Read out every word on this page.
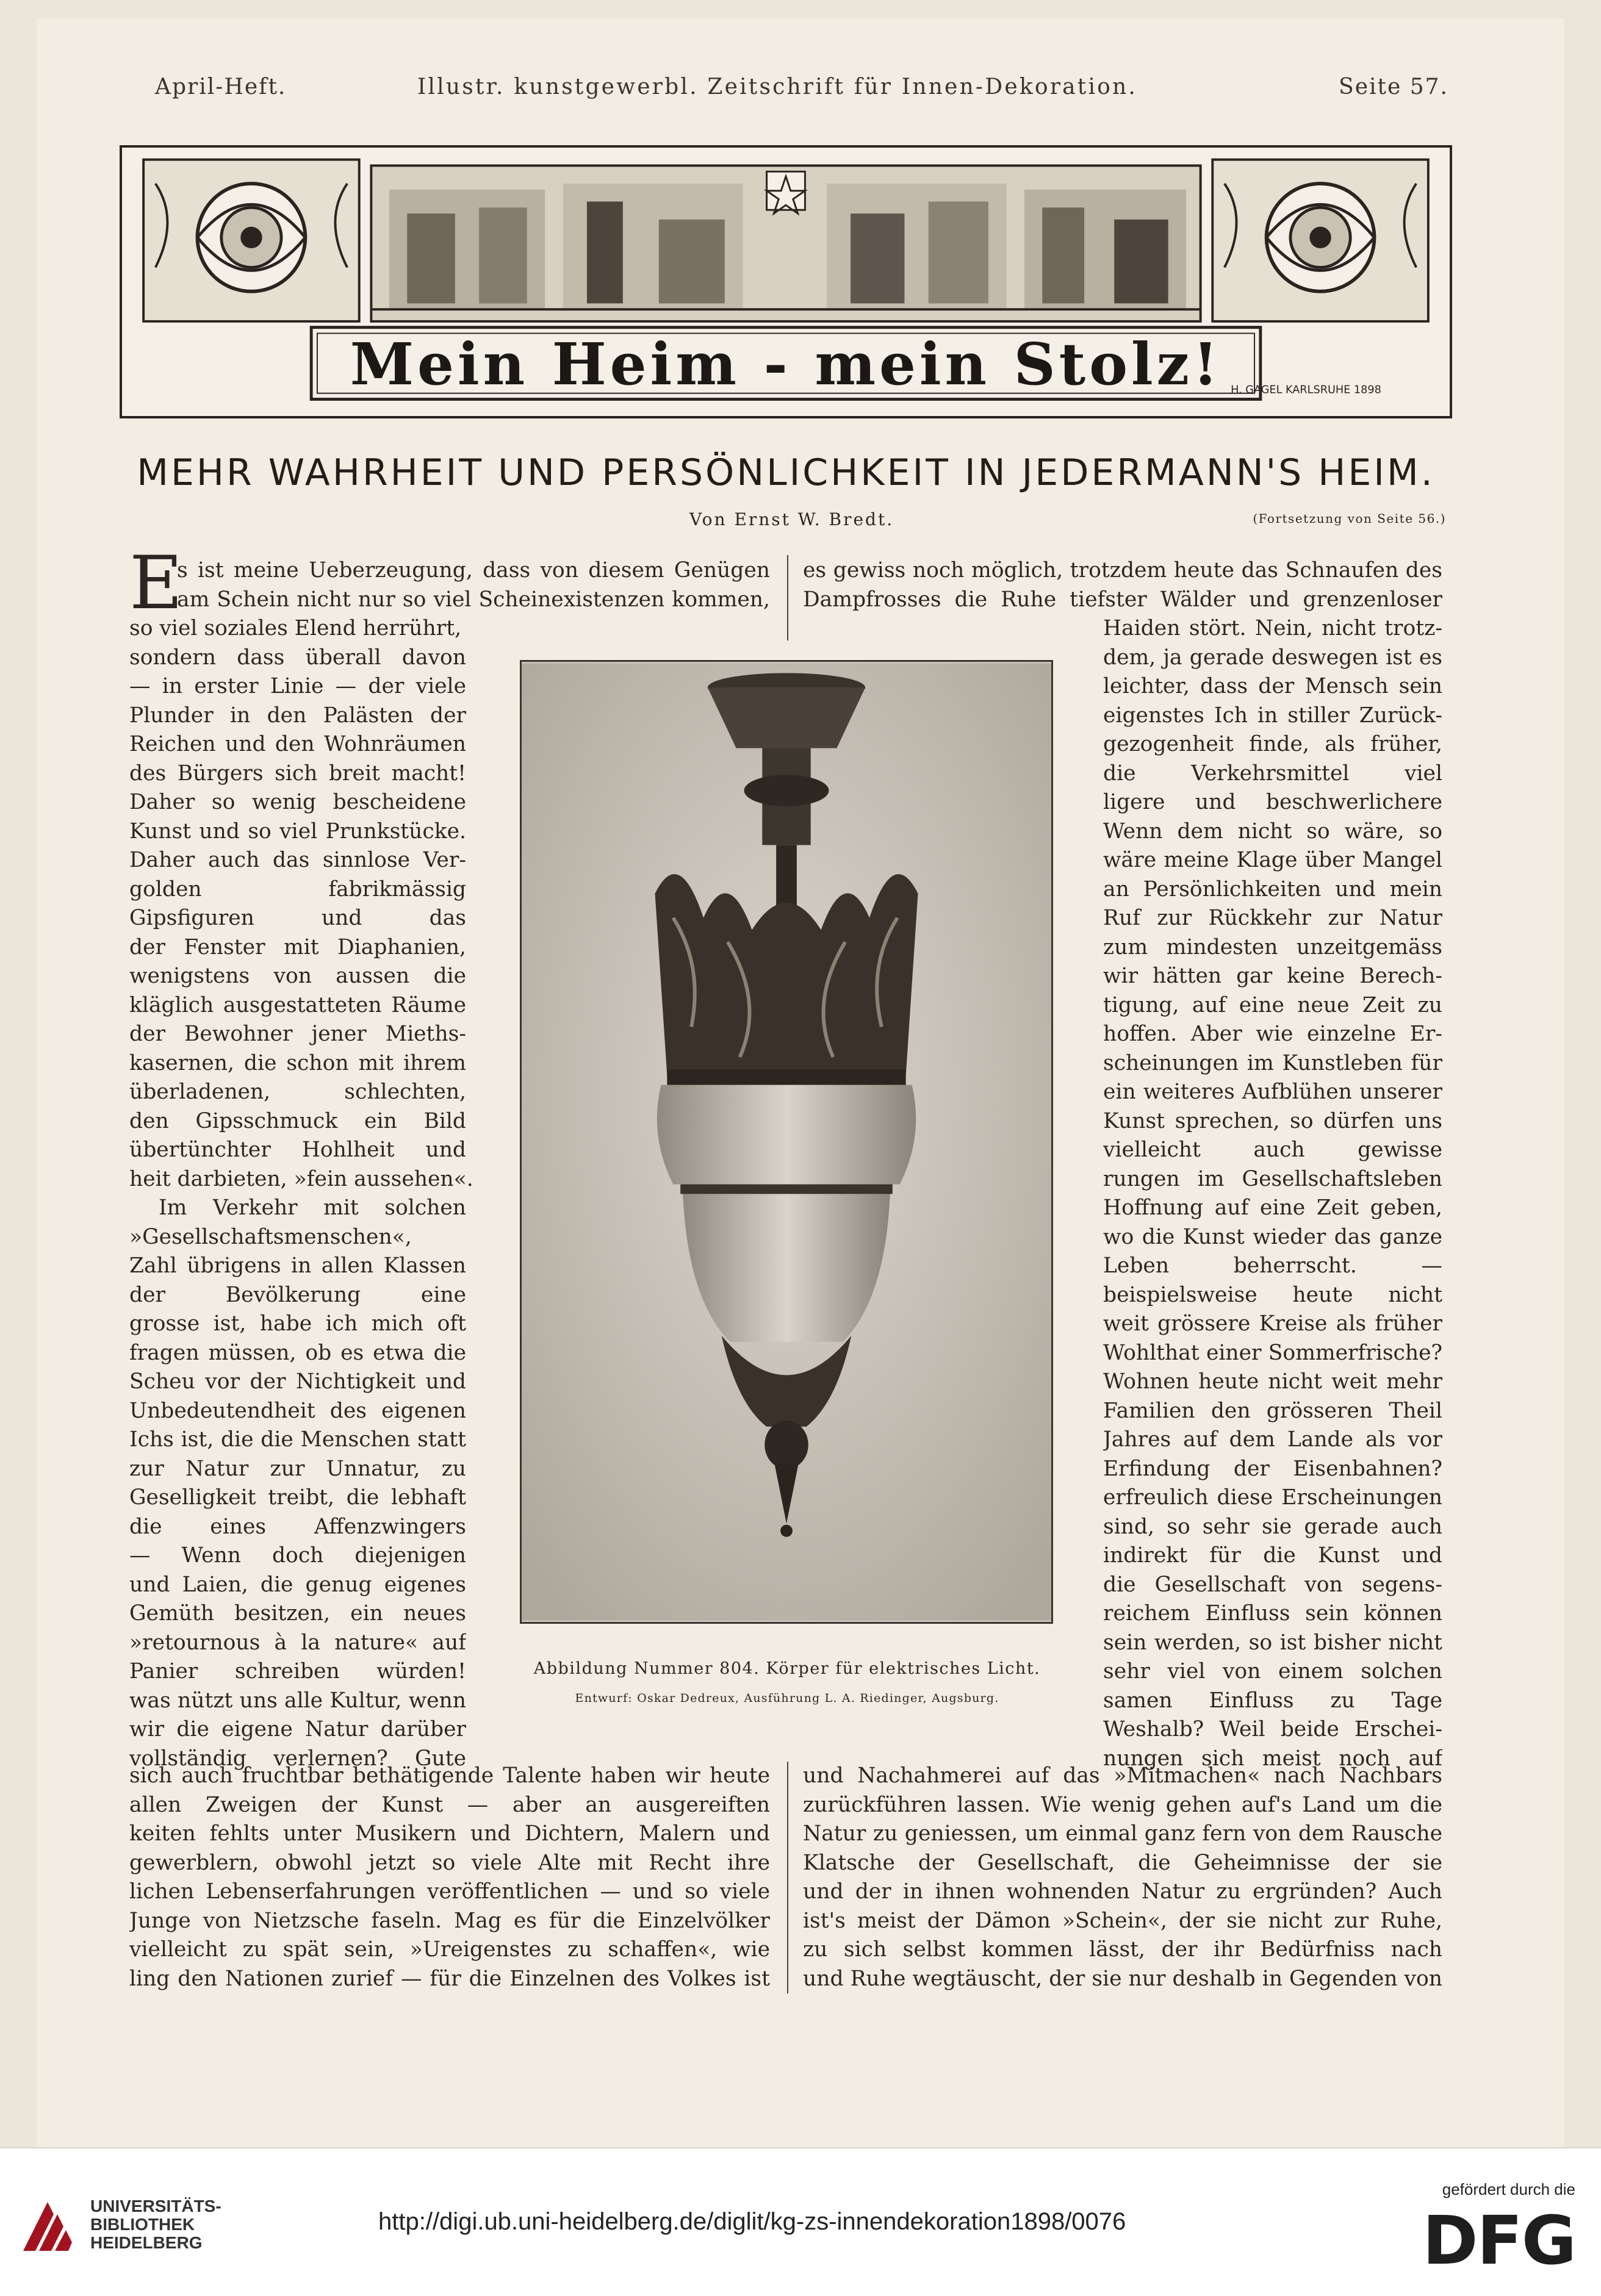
April-Heft.	Illustr. kunstgewerbl. Zeitschrift für Innen-Dekoration.	Seite 57.
Mein Heim - mein Stolz! H. GAGEL KARLSRUHE 1898
MEHR WAHRHEIT UND PERSÖNLICHKEIT IN JEDERMANN'S HEIM.
Von Ernst W. Bredt.	(Fortsetzung von Seite 56.)
E
s ist meine Ueberzeugung, dass von diesem Genügen
am Schein nicht nur so viel Scheinexistenzen kommen,
so viel soziales Elend herrührt,
es gewiss noch möglich, trotzdem heute das Schnaufen des
Dampfrosses die Ruhe tiefster Wälder und grenzenloser
sondern dass überall davon
— in erster Linie — der viele
Plunder in den Palästen der
Reichen und den Wohnräumen
des Bürgers sich breit macht!
Daher so wenig bescheidene
Kunst und so viel Prunkstücke.
Daher auch das sinnlose Ver-
golden fabrikmässig
Gipsfiguren und das
der Fenster mit Diaphanien,
wenigstens von aussen die
kläglich ausgestatteten Räume
der Bewohner jener Mieths-
kasernen, die schon mit ihrem
überladenen, schlechten,
den Gipsschmuck ein Bild
übertünchter Hohlheit und
heit darbieten, »fein aussehen«.
Im Verkehr mit solchen
»Gesellschaftsmenschen«,
Zahl übrigens in allen Klassen
der Bevölkerung eine
grosse ist, habe ich mich oft
fragen müssen, ob es etwa die
Scheu vor der Nichtigkeit und
Unbedeutendheit des eigenen
Ichs ist, die die Menschen statt
zur Natur zur Unnatur, zu
Geselligkeit treibt, die lebhaft
die eines Affenzwingers
— Wenn doch diejenigen
und Laien, die genug eigenes
Gemüth besitzen, ein neues
»retournous à la nature« auf
Panier schreiben würden!
was nützt uns alle Kultur, wenn
wir die eigene Natur darüber
vollständig verlernen? Gute
Haiden stört. Nein, nicht trotz-
dem, ja gerade deswegen ist es
leichter, dass der Mensch sein
eigenstes Ich in stiller Zurück-
gezogenheit finde, als früher,
die Verkehrsmittel viel
ligere und beschwerlichere
Wenn dem nicht so wäre, so
wäre meine Klage über Mangel
an Persönlichkeiten und mein
Ruf zur Rückkehr zur Natur
zum mindesten unzeitgemäss
wir hätten gar keine Berech-
tigung, auf eine neue Zeit zu
hoffen. Aber wie einzelne Er-
scheinungen im Kunstleben für
ein weiteres Aufblühen unserer
Kunst sprechen, so dürfen uns
vielleicht auch gewisse
rungen im Gesellschaftsleben
Hoffnung auf eine Zeit geben,
wo die Kunst wieder das ganze
Leben beherrscht. —
beispielsweise heute nicht
weit grössere Kreise als früher
Wohlthat einer Sommerfrische?
Wohnen heute nicht weit mehr
Familien den grösseren Theil
Jahres auf dem Lande als vor
Erfindung der Eisenbahnen?
erfreulich diese Erscheinungen
sind, so sehr sie gerade auch
indirekt für die Kunst und
die Gesellschaft von segens-
reichem Einfluss sein können
sein werden, so ist bisher nicht
sehr viel von einem solchen
samen Einfluss zu Tage
Weshalb? Weil beide Erschei-
nungen sich meist noch auf
sich auch fruchtbar bethätigende Talente haben wir heute
allen Zweigen der Kunst — aber an ausgereiften
keiten fehlts unter Musikern und Dichtern, Malern und
gewerblern, obwohl jetzt so viele Alte mit Recht ihre
lichen Lebenserfahrungen veröffentlichen — und so viele
Junge von Nietzsche faseln. Mag es für die Einzelvölker
vielleicht zu spät sein, »Ureigenstes zu schaffen«, wie
ling den Nationen zurief — für die Einzelnen des Volkes ist
und Nachahmerei auf das »Mitmachen« nach Nachbars
zurückführen lassen. Wie wenig gehen auf's Land um die
Natur zu geniessen, um einmal ganz fern von dem Rausche
Klatsche der Gesellschaft, die Geheimnisse der sie
und der in ihnen wohnenden Natur zu ergründen? Auch
ist's meist der Dämon »Schein«, der sie nicht zur Ruhe,
zu sich selbst kommen lässt, der ihr Bedürfniss nach
und Ruhe wegtäuscht, der sie nur deshalb in Gegenden von
Abbildung Nummer 804. Körper für elektrisches Licht.
Entwurf: Oskar Dedreux, Ausführung L. A. Riedinger, Augsburg.
UNIVERSITÄTS-
BIBLIOTHEK
HEIDELBERG
http://digi.ub.uni-heidelberg.de/diglit/kg-zs-innendekoration1898/0076
gefördert durch die
DFG
